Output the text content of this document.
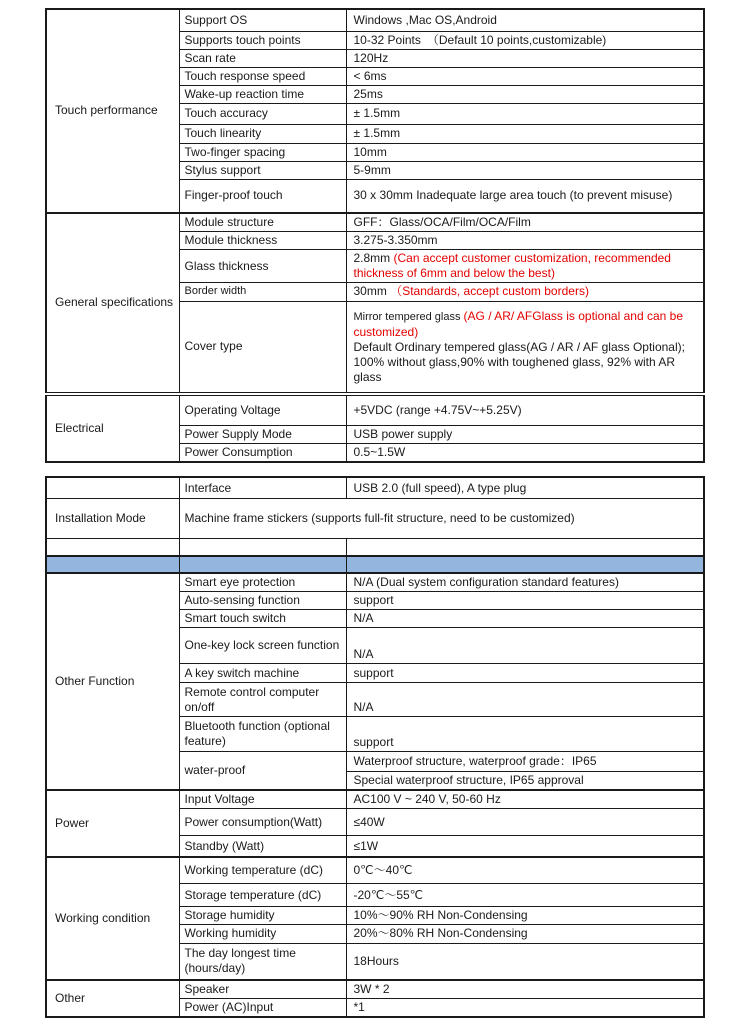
Touch performance	Support OS	Windows ,Mac OS,Android
	Supports touch points	10-32 Points　（Default 10 points,customizable)
	Scan rate	120Hz
	Touch response speed	< 6ms
	Wake-up reaction time	25ms
	Touch accuracy	± 1.5mm
	Touch linearity	± 1.5mm
	Two-finger spacing	10mm
	Stylus support	5-9mm
	Finger-proof touch	30 x 30mm Inadequate large area touch (to prevent misuse)
General specifications	Module structure	GFF：Glass/OCA/Film/OCA/Film
	Module thickness	3.275-3.350mm
	Glass thickness	2.8mm (Can accept customer customization, recommended thickness of 6mm and below the best)
	Border width	30mm （Standards, accept custom borders)
	Cover type	Mirror tempered glass (AG / AR/ AFGlass is optional and can be customized)
Default Ordinary tempered glass(AG / AR / AF glass Optional); 100% without glass,90% with toughened glass, 92% with AR glass

Electrical	Operating Voltage	+5VDC (range +4.75V~+5.25V)
	Power Supply Mode	USB power supply
	Power Consumption	0.5~1.5W
	Interface	USB 2.0 (full speed), A type plug
Installation Mode	Machine frame stickers (supports full-fit structure, need to be customized)	

Other Function	Smart eye protection	N/A (Dual system configuration standard features)
	Auto-sensing function	support
	Smart touch switch	N/A
	One-key lock screen function	N/A
	A key switch machine	support
	Remote control computer on/off	N/A
	Bluetooth function (optional feature)	support
	water-proof	Waterproof structure, waterproof grade：IP65
		Special waterproof structure, IP65 approval
Power	Input Voltage	AC100 V ~ 240 V, 50-60 Hz
	Power consumption(Watt)	≤40W
	Standby (Watt)	≤1W
Working condition	Working temperature (dC)	0℃～40℃
	Storage temperature (dC)	-20℃～55℃
	Storage humidity	10%～90% RH Non-Condensing
	Working humidity	20%～80% RH Non-Condensing
	The day longest time (hours/day)	18Hours
Other	Speaker	3W * 2
	Power (AC)Input	*1
